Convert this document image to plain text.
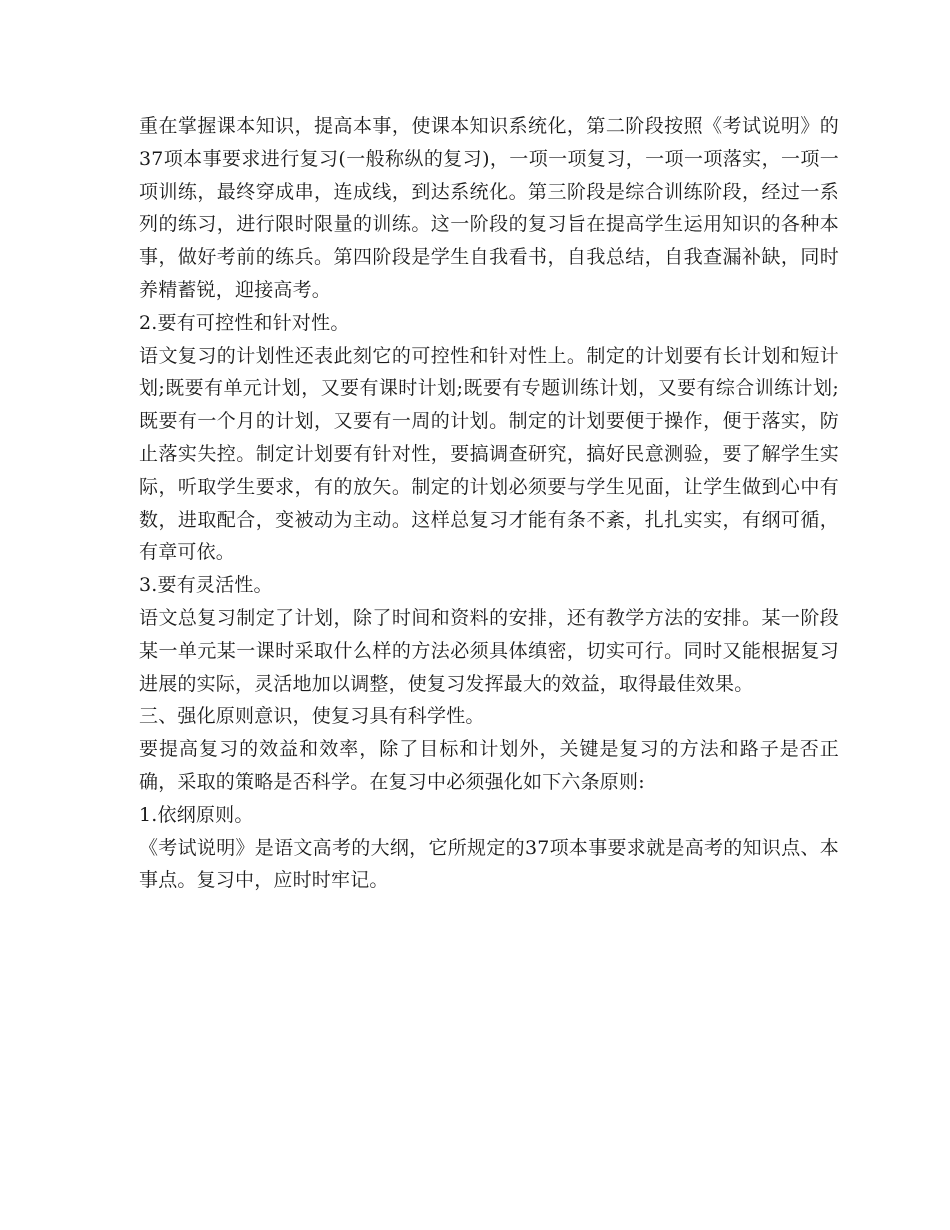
重在掌握课本知识，提高本事，使课本知识系统化，第二阶段按照《考试说明》的37项本事要求进行复习(一般称纵的复习)，一项一项复习，一项一项落实，一项一项训练，最终穿成串，连成线，到达系统化。第三阶段是综合训练阶段，经过一系列的练习，进行限时限量的训练。这一阶段的复习旨在提高学生运用知识的各种本事，做好考前的练兵。第四阶段是学生自我看书，自我总结，自我查漏补缺，同时养精蓄锐，迎接高考。

2.要有可控性和针对性。

语文复习的计划性还表此刻它的可控性和针对性上。制定的计划要有长计划和短计划;既要有单元计划，又要有课时计划;既要有专题训练计划，又要有综合训练计划;既要有一个月的计划，又要有一周的计划。制定的计划要便于操作，便于落实，防止落实失控。制定计划要有针对性，要搞调查研究，搞好民意测验，要了解学生实际，听取学生要求，有的放矢。制定的计划必须要与学生见面，让学生做到心中有数，进取配合，变被动为主动。这样总复习才能有条不紊，扎扎实实，有纲可循，有章可依。

3.要有灵活性。

语文总复习制定了计划，除了时间和资料的安排，还有教学方法的安排。某一阶段某一单元某一课时采取什么样的方法必须具体缜密，切实可行。同时又能根据复习进展的实际，灵活地加以调整，使复习发挥最大的效益，取得最佳效果。

三、强化原则意识，使复习具有科学性。

要提高复习的效益和效率，除了目标和计划外，关键是复习的方法和路子是否正确，采取的策略是否科学。在复习中必须强化如下六条原则:

1.依纲原则。

《考试说明》是语文高考的大纲，它所规定的37项本事要求就是高考的知识点、本事点。复习中，应时时牢记。
